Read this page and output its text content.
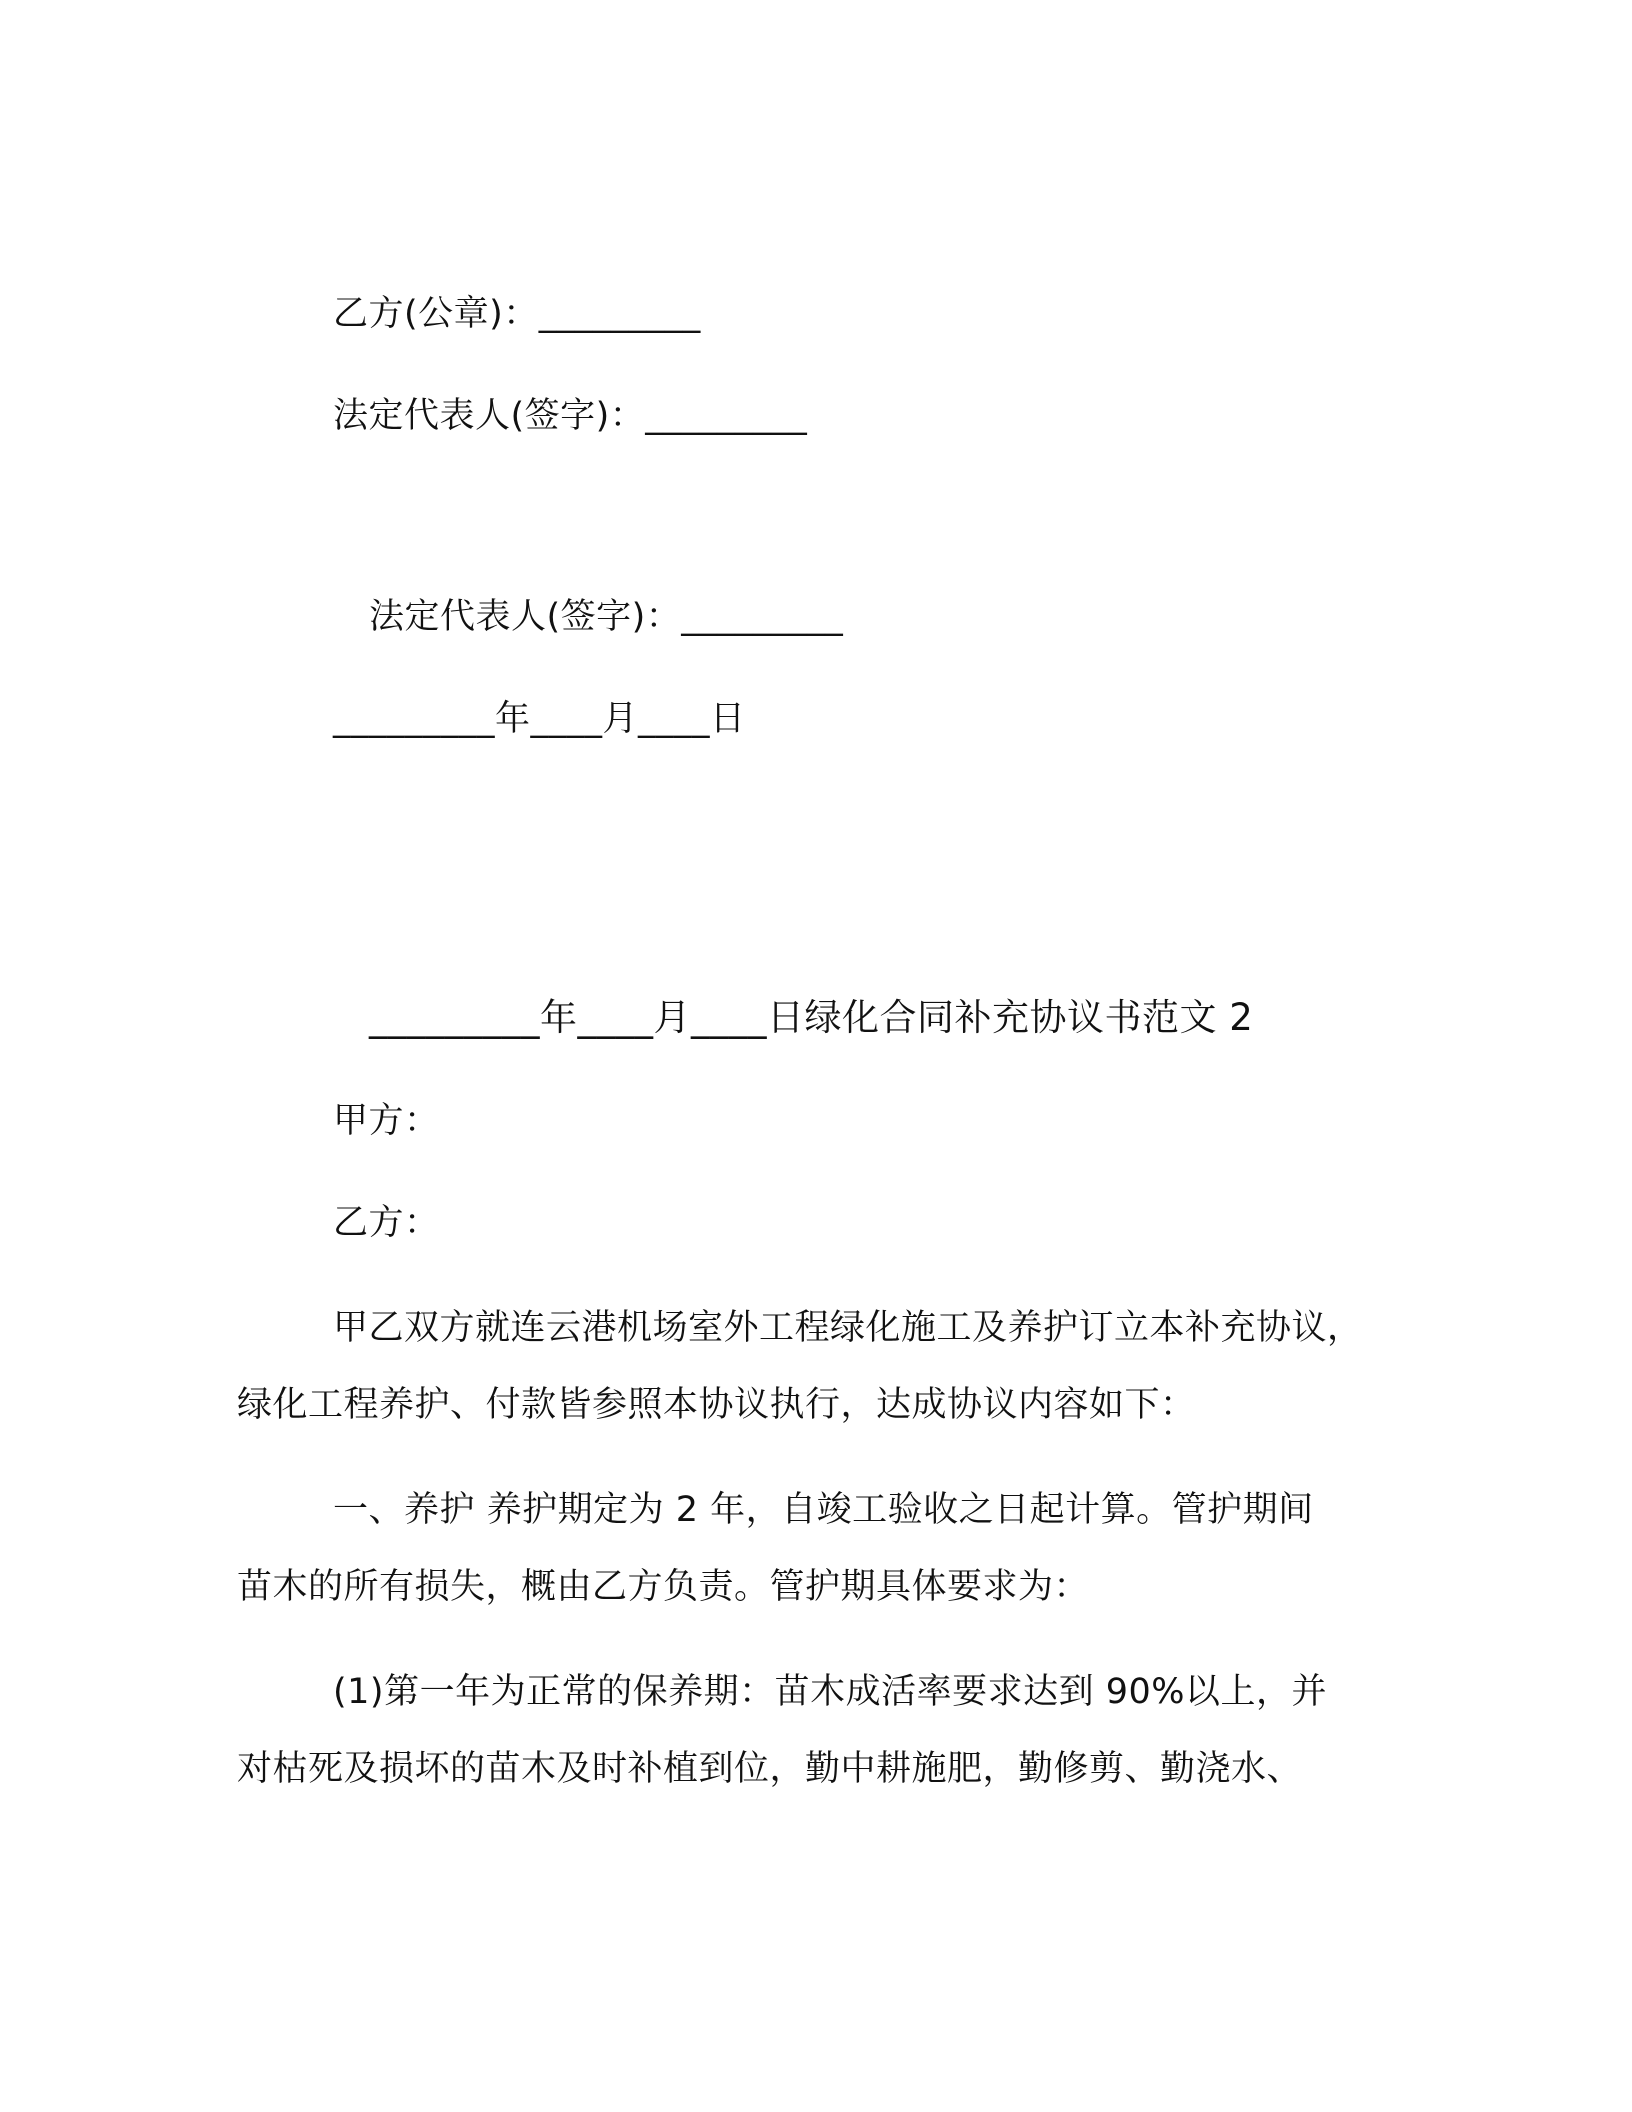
乙方(公章)：_________
法定代表人(签字)：_________
法定代表人(签字)：_________
_________年____月____日
_________年____月____日绿化合同补充协议书范文 2
甲方：
乙方：
甲乙双方就连云港机场室外工程绿化施工及养护订立本补充协议，
绿化工程养护、付款皆参照本协议执行，达成协议内容如下：
一、养护 养护期定为 2 年，自竣工验收之日起计算。管护期间
苗木的所有损失，概由乙方负责。管护期具体要求为：
(1)第一年为正常的保养期：苗木成活率要求达到 90%以上，并
对枯死及损坏的苗木及时补植到位，勤中耕施肥，勤修剪、勤浇水、
